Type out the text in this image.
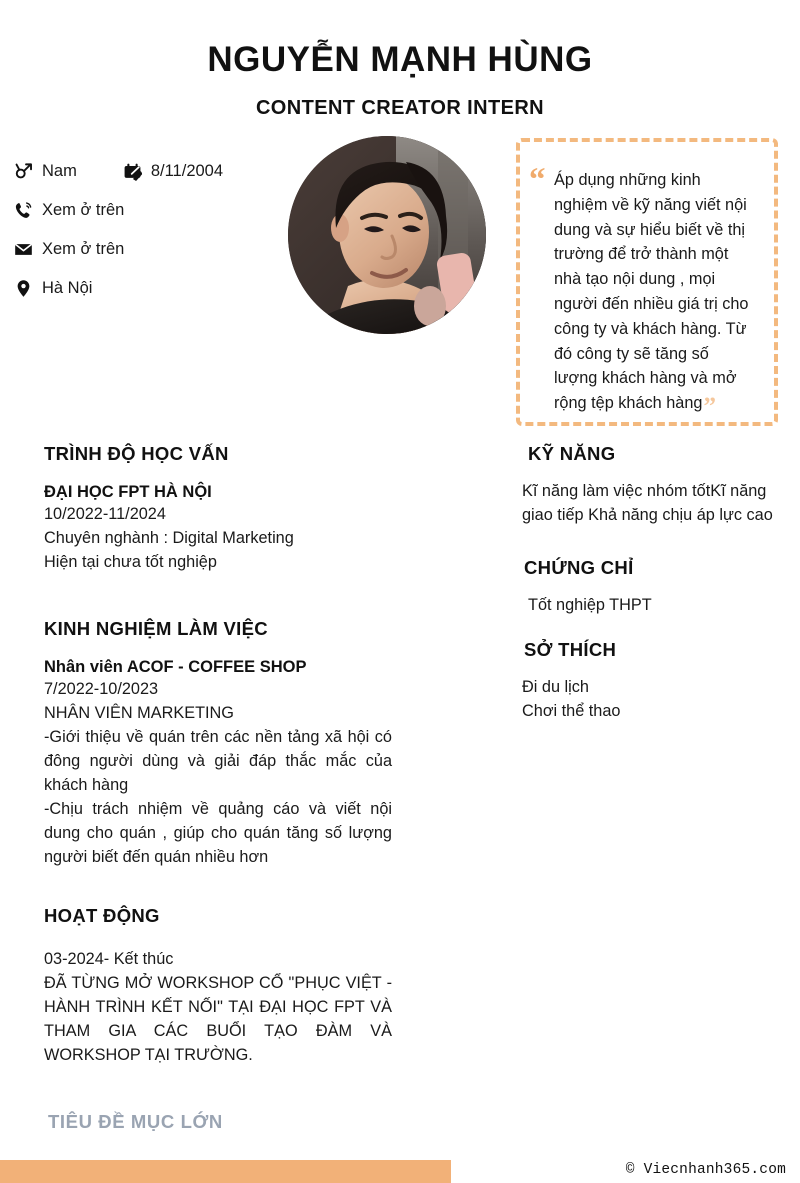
NGUYỄN MẠNH HÙNG
CONTENT CREATOR INTERN
Nam	8/11/2004
Xem ở trên
Xem ở trên
Hà Nội
“ Áp dụng những kinh nghiệm về kỹ năng viết nội dung và sự hiểu biết về thị trường để trở thành một nhà tạo nội dung , mọi người đến nhiều giá trị cho công ty và khách hàng. Từ đó công ty sẽ tăng số lượng khách hàng và mở rộng tệp khách hàng”

TRÌNH ĐỘ HỌC VẤN
ĐẠI HỌC FPT HÀ NỘI
10/2022-11/2024
Chuyên nghành : Digital Marketing
Hiện tại chưa tốt nghiệp
KINH NGHIỆM LÀM VIỆC
Nhân viên ACOF - COFFEE SHOP
7/2022-10/2023
NHÂN VIÊN MARKETING

-Giới thiệu về quán trên các nền tảng xã hội có đông người dùng và giải đáp thắc mắc của khách hàng

-Chịu trách nhiệm về quảng cáo và viết nội dung cho quán , giúp cho quán tăng số lượng người biết đến quán nhiều hơn

HOẠT ĐỘNG
03-2024- Kết thúc

ĐÃ TỪNG MỞ WORKSHOP CỔ "PHỤC VIỆT - HÀNH TRÌNH KẾT NỐI" TẠI ĐẠI HỌC FPT VÀ THAM GIA CÁC BUỔI TẠO ĐÀM VÀ WORKSHOP TẠI TRƯỜNG.

TIÊU ĐỀ MỤC LỚN
KỸ NĂNG

Kĩ năng làm việc nhóm tốtKĩ năng giao tiếp Khả năng chịu áp lực cao

CHỨNG CHỈ
Tốt nghiệp THPT
SỞ THÍCH
Đi du lịch
Chơi thể thao
© Viecnhanh365.com
